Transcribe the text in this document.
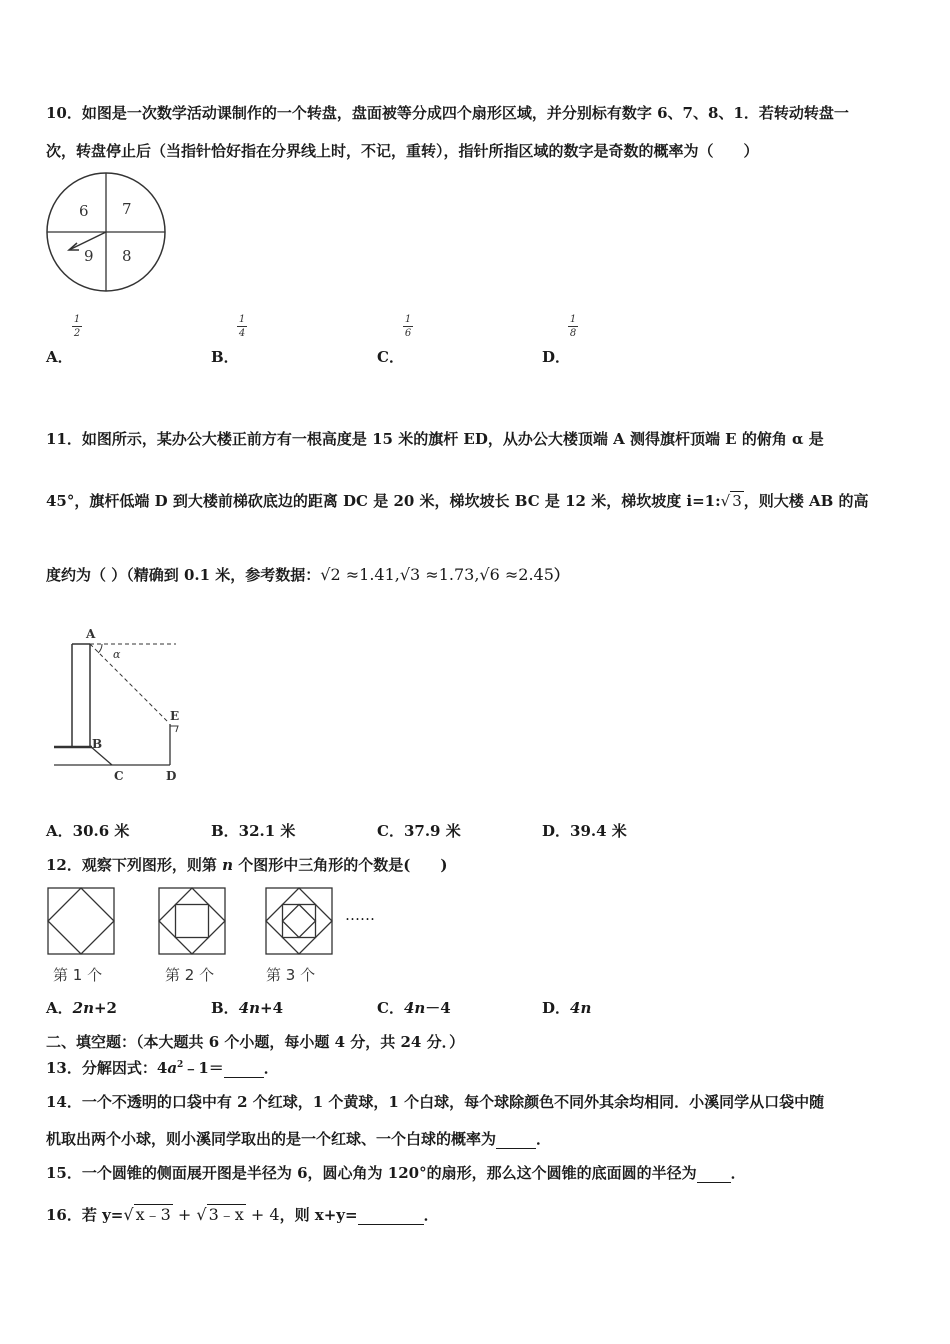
10．如图是一次数学活动课制作的一个转盘，盘面被等分成四个扇形区域，并分别标有数字 6、7、8、1．若转动转盘一
次，转盘停止后（当指针恰好指在分界线上时，不记，重转），指针所指区域的数字是奇数的概率为（　　）
6 7
9 8
A．
1
2
B．
1
4
C．
1
6
D．
1
8
11．如图所示，某办公大楼正前方有一根高度是 15 米的旗杆 ED，从办公大楼顶端 A 测得旗杆顶端 E 的俯角 α 是
45°，旗杆低端 D 到大楼前梯砍底边的距离 DC 是 20 米，梯坎坡长 BC 是 12 米，梯坎坡度 i=1:√ 3 ，则大楼 AB 的高
度约为（ ）（精确到 0.1 米，参考数据：√2 ≈1.41,√3 ≈1.73,√6 ≈2.45）
A
α
E
B
C	D
A．30.6 米	B．32.1 米	C．37.9 米	D．39.4 米
12．观察下列图形，则第 n 个图形中三角形的个数是(　　)
……
第 1 个	第 2 个	第 3 个
A．2n+2	B．4n+4	C．4n－4	D．4n
二、填空题：（本大题共 6 个小题，每小题 4 分，共 24 分．）
13．分解因式：$4a^2﹣1=$	．
14．一个不透明的口袋中有 2 个红球，1 个黄球，1 个白球，每个球除颜色不同外其余均相同．小溪同学从口袋中随
机取出两个小球，则小溪同学取出的是一个红球、一个白球的概率为	．
15．一个圆锥的侧面展开图是半径为 6，圆心角为 120°的扇形，那么这个圆锥的底面圆的半径为 ．
16．若 y=√ x﹣3 + √ 3﹣x + 4，则 x+y=	．
